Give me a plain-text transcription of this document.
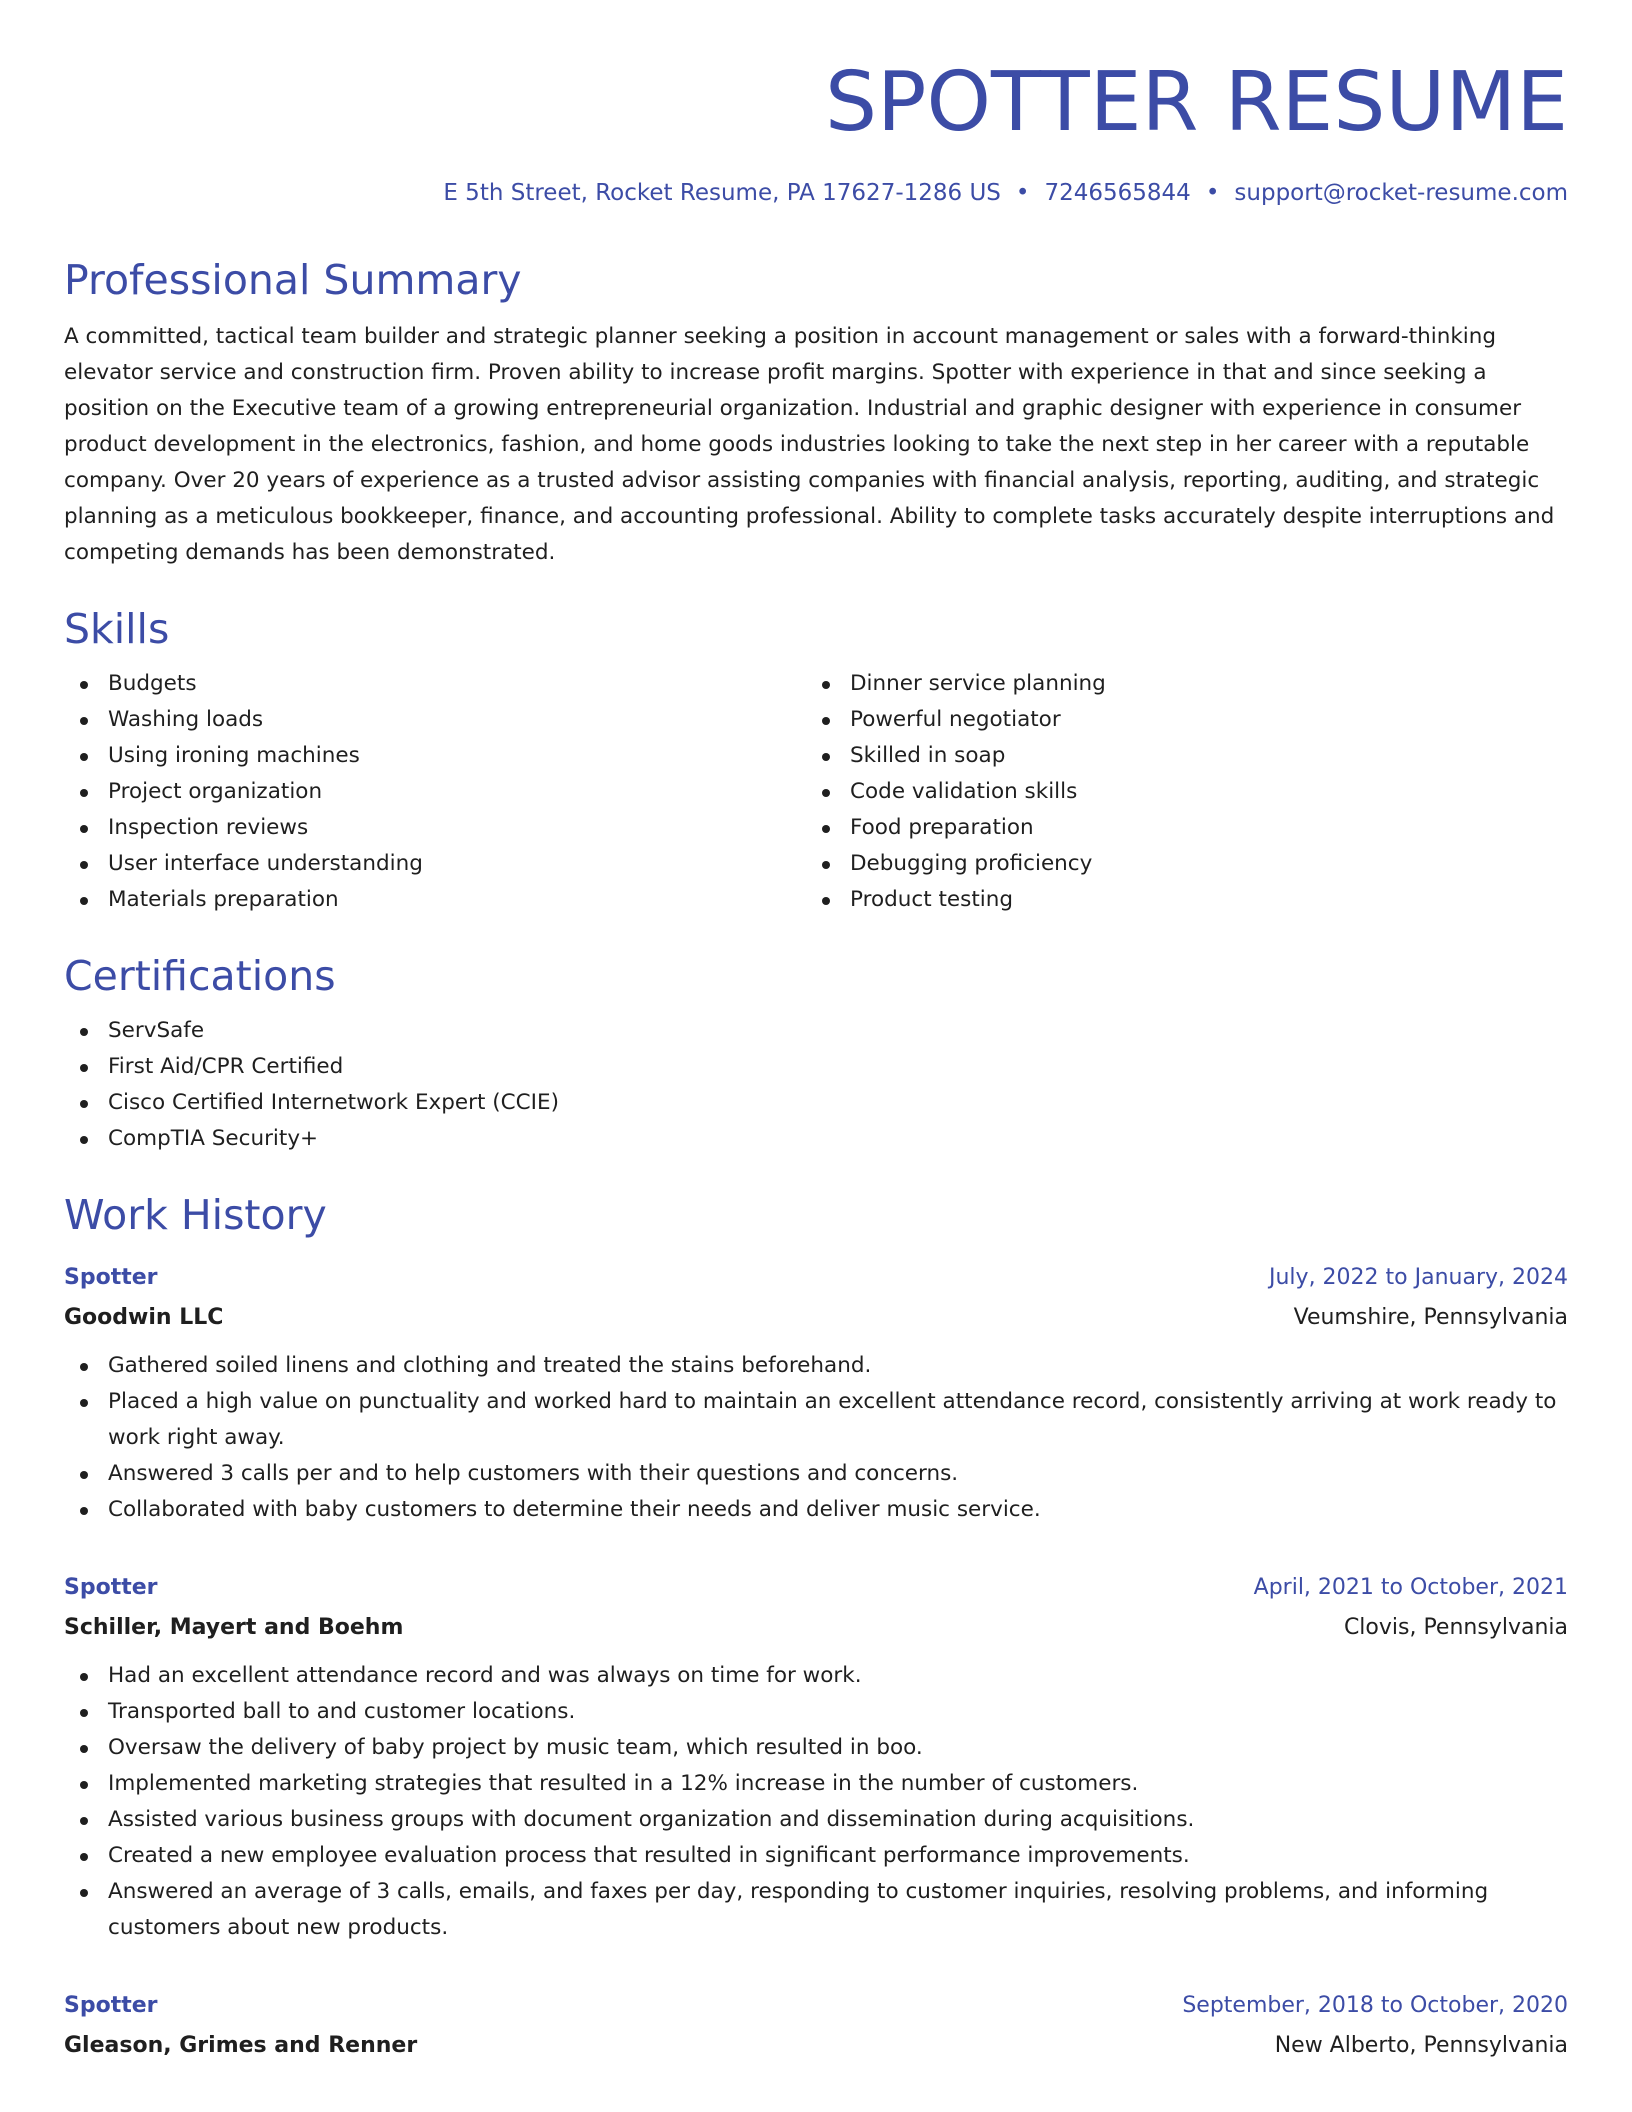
SPOTTER RESUME
E 5th Street, Rocket Resume, PA 17627-1286 US • 7246565844 • support@rocket-resume.com
Professional Summary
A committed, tactical team builder and strategic planner seeking a position in account management or sales with a forward-thinking elevator service and construction firm. Proven ability to increase profit margins. Spotter with experience in that and since seeking a position on the Executive team of a growing entrepreneurial organization. Industrial and graphic designer with experience in consumer product development in the electronics, fashion, and home goods industries looking to take the next step in her career with a reputable company. Over 20 years of experience as a trusted advisor assisting companies with financial analysis, reporting, auditing, and strategic planning as a meticulous bookkeeper, finance, and accounting professional. Ability to complete tasks accurately despite interruptions and competing demands has been demonstrated.
Skills
Budgets
Washing loads
Using ironing machines
Project organization
Inspection reviews
User interface understanding
Materials preparation
Dinner service planning
Powerful negotiator
Skilled in soap
Code validation skills
Food preparation
Debugging proficiency
Product testing
Certifications
ServSafe
First Aid/CPR Certified
Cisco Certified Internetwork Expert (CCIE)
CompTIA Security+
Work History
Spotter	July, 2022 to January, 2024
Goodwin LLC	Veumshire, Pennsylvania
Gathered soiled linens and clothing and treated the stains beforehand.
Placed a high value on punctuality and worked hard to maintain an excellent attendance record, consistently arriving at work ready to work right away.
Answered 3 calls per and to help customers with their questions and concerns.
Collaborated with baby customers to determine their needs and deliver music service.
Spotter	April, 2021 to October, 2021
Schiller, Mayert and Boehm	Clovis, Pennsylvania
Had an excellent attendance record and was always on time for work.
Transported ball to and customer locations.
Oversaw the delivery of baby project by music team, which resulted in boo.
Implemented marketing strategies that resulted in a 12% increase in the number of customers.
Assisted various business groups with document organization and dissemination during acquisitions.
Created a new employee evaluation process that resulted in significant performance improvements.
Answered an average of 3 calls, emails, and faxes per day, responding to customer inquiries, resolving problems, and informing customers about new products.
Spotter	September, 2018 to October, 2020
Gleason, Grimes and Renner	New Alberto, Pennsylvania
